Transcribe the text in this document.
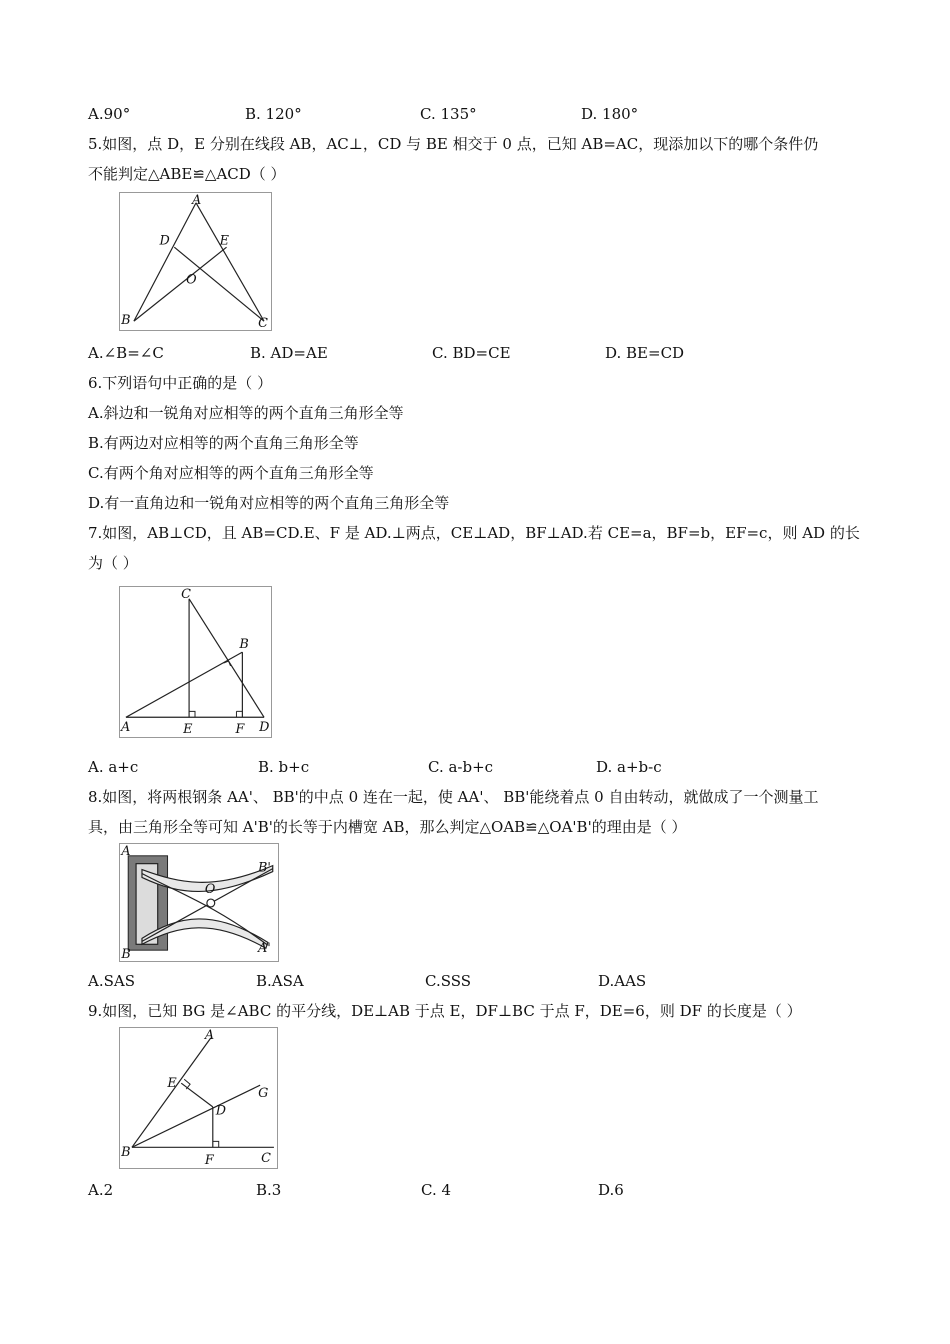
A.90°	B. 120°	C. 135°	D. 180°
5.如图，点 D，E 分别在线段 AB，AC⊥，CD 与 BE 相交于 0 点，已知 AB=AC，现添加以下的哪个条件仍
不能判定△ABE≌△ACD（ ）
A
D	E
O
B	C
A.∠B=∠C	B. AD=AE	C. BD=CE	D. BE=CD
6.下列语句中正确的是（ ）
A.斜边和一锐角对应相等的两个直角三角形全等
B.有两边对应相等的两个直角三角形全等
C.有两个角对应相等的两个直角三角形全等
D.有一直角边和一锐角对应相等的两个直角三角形全等
7.如图，AB⊥CD，且 AB=CD.E、F 是 AD.⊥两点，CE⊥AD，BF⊥AD.若 CE=a，BF=b，EF=c，则 AD 的长
为（ ）
C
B
A	E	F D
A. a+c	B. b+c	C. a-b+c	D. a+b-c
8.如图，将两根钢条 AA'、 BB'的中点 0 连在一起，使 AA'、 BB'能绕着点 0 自由转动，就做成了一个测量工
具，由三角形全等可知 A'B'的长等于内槽宽 AB，那么判定△OAB≌△OA'B'的理由是（ ）
A
B
B'
A'
O
A.SAS	B.ASA	C.SSS	D.AAS
9.如图，已知 BG 是∠ABC 的平分线，DE⊥AB 于点 E，DF⊥BC 于点 F，DE=6，则 DF 的长度是（ ）
A
E
G
D
B
F	C
A.2	B.3	C. 4	D.6
